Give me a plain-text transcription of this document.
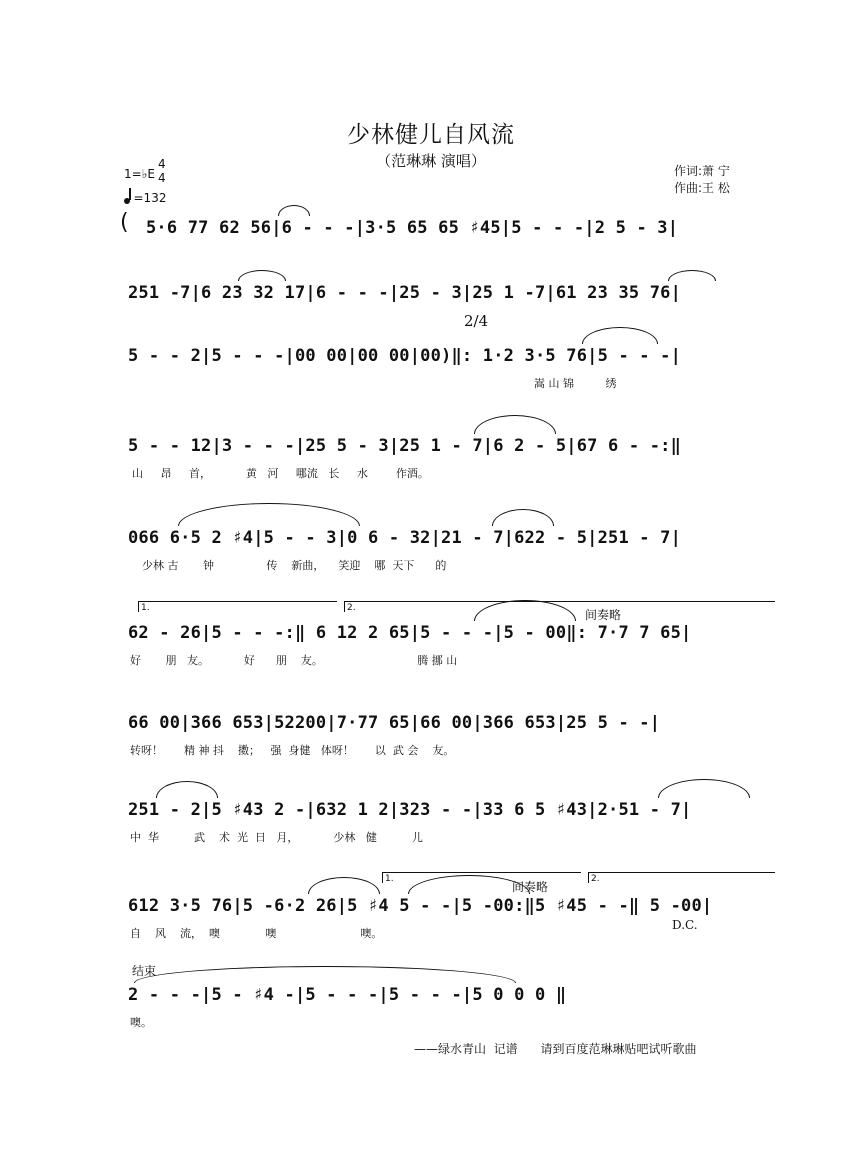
少林健儿自风流
（范琳琳 演唱）
作词:萧 宁
作曲:王 松
1=♭E
4
4
=132
(
2/4
5·6 77 62 56|6 - - -|3·5 65 65 ♯45|5 - - -|2 5 - 3|
251 -7|6 23 32 17|6 - - -|25 - 3|25 1 -7|61 23 35 76|
5 - - 2|5 - - -|00 00|00 00|00)‖: 1·2 3·5 76|5 - - -|
嵩 山 锦         绣
5 - - 12|3 - - -|25 5 - 3|25 1 - 7|6 2 - 5|67 6 - -:‖
山     昂     首，          黄   河     哪流   长     水        作酒。
066 6·5 2 ♯4|5 - - 3|0 6 - 32|21 - 7|622 - 5|251 - 7|
少林 古       钟               传    新曲，    笑迎    哪  天下      的
1.	2.	间奏略
62 - 26|5 - - -:‖ 6 12 2 65|5 - - -|5 - 00‖: 7·7 7 65|
好       朋   友。          好      朋    友。                           腾 挪 山
66 00|366 653|52200|7·77 65|66 00|366 653|25 5 - -|
转呀！      精 神 抖    擞；   强  身健   体呀！      以  武 会    友。
251 - 2|5 ♯43 2 -|632 1 2|323 - -|33 6 5 ♯43|2·51 - 7|
中  华          武    术  光  日   月，          少林   健          儿
1.	2.
间奏略
D.C.
612 3·5 76|5 -6·2 26|5 ♯4 5 - -|5 -00:‖5 ♯45 - -‖ 5 -00|
自    风    流，  噢             噢                        噢。
结束
2 - - -|5 - ♯4 -|5 - - -|5 - - -|5 0 0 0 ‖
噢。
——绿水青山  记谱      请到百度范琳琳贴吧试听歌曲
